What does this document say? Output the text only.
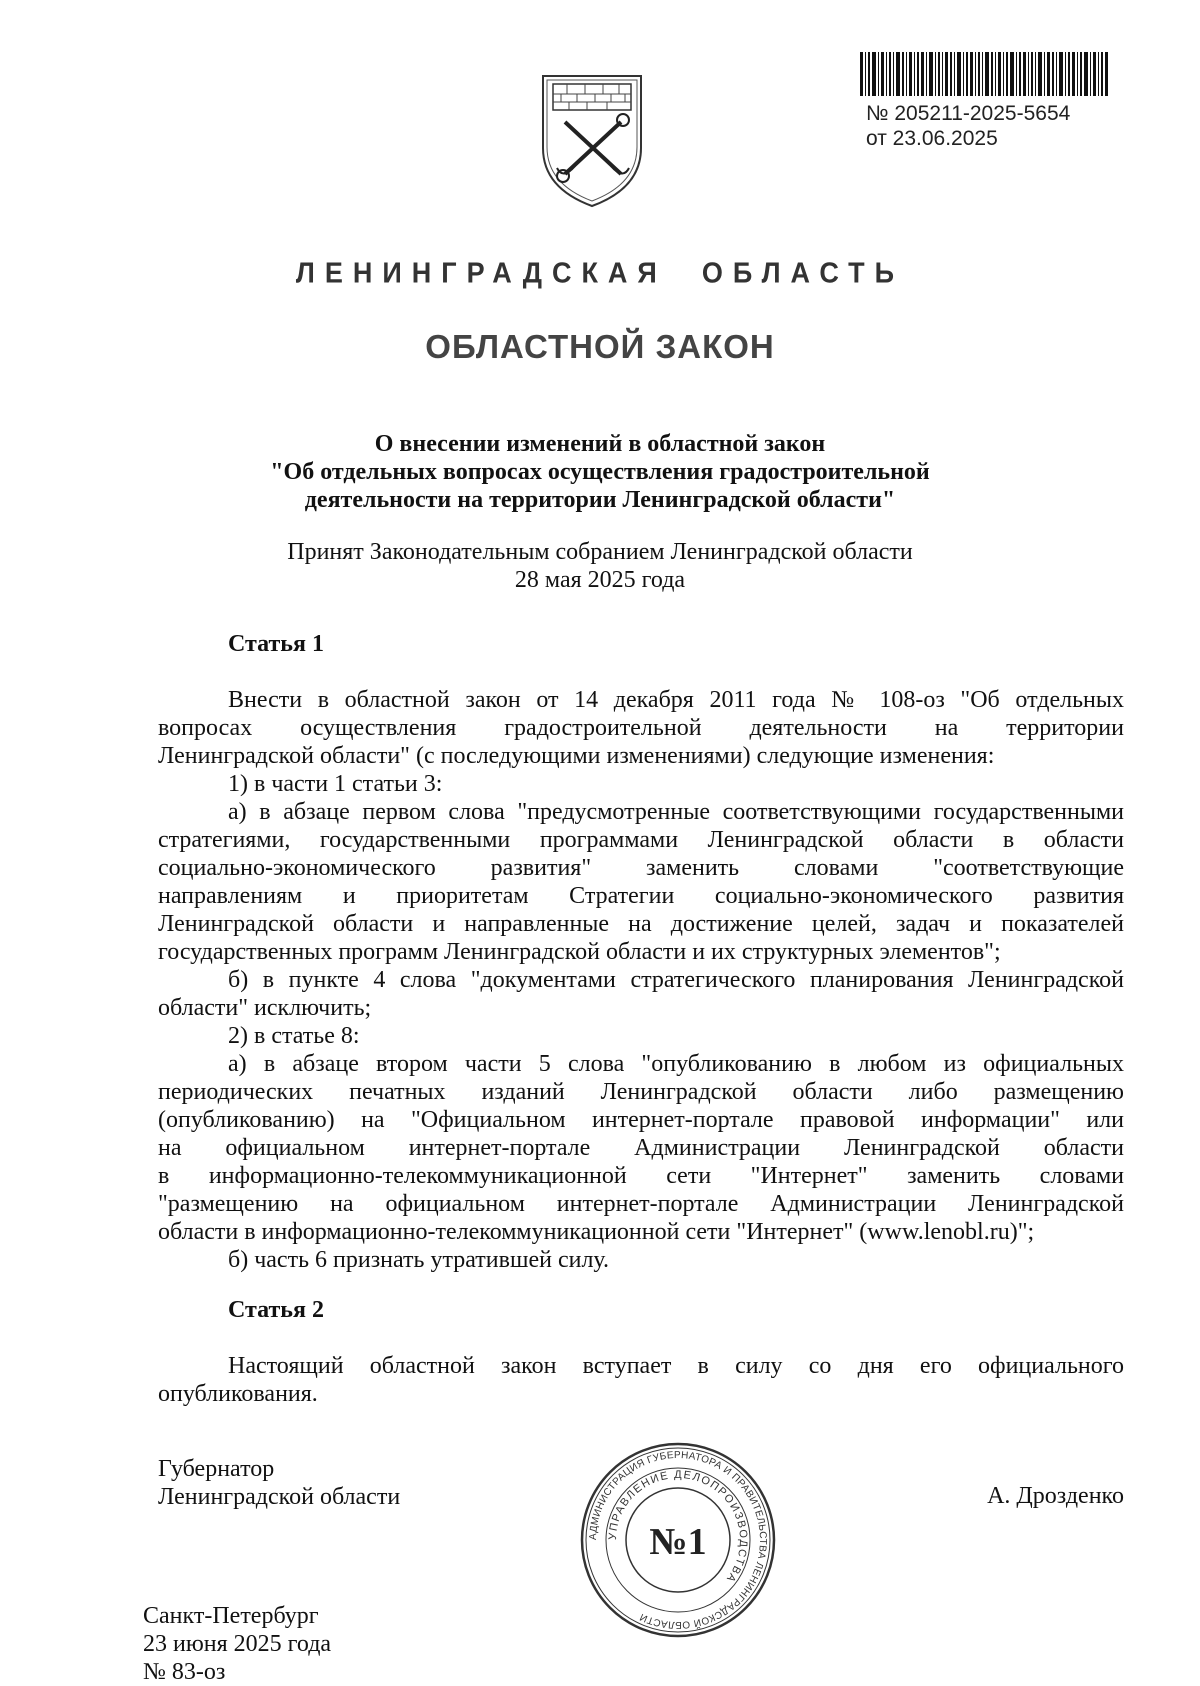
№ 205211-2025-5654
от 23.06.2025
ЛЕНИНГРАДСКАЯ  ОБЛАСТЬ
ОБЛАСТНОЙ ЗАКОН
О внесении изменений в областной закон
"Об отдельных вопросах осуществления градостроительной
деятельности на территории Ленинградской области"
Принят Законодательным собранием Ленинградской области
28 мая 2025 года
Статья 1
Внести в областной закон от 14 декабря 2011 года № 108-оз "Об отдельных
вопросах осуществления градостроительной деятельности на территории
Ленинградской области" (с последующими изменениями) следующие изменения:
1) в части 1 статьи 3:
а) в абзаце первом слова "предусмотренные соответствующими государственными
стратегиями, государственными программами Ленинградской области в области
социально-экономического развития" заменить словами "соответствующие
направлениям и приоритетам Стратегии социально-экономического развития
Ленинградской области и направленные на достижение целей, задач и показателей
государственных программ Ленинградской области и их структурных элементов";
б) в пункте 4 слова "документами стратегического планирования Ленинградской
области" исключить;
2) в статье 8:
а) в абзаце втором части 5 слова "опубликованию в любом из официальных
периодических печатных изданий Ленинградской области либо размещению
(опубликованию) на "Официальном интернет-портале правовой информации" или
на официальном интернет-портале Администрации Ленинградской области
в информационно-телекоммуникационной сети "Интернет" заменить словами
"размещению на официальном интернет-портале Администрации Ленинградской
области в информационно-телекоммуникационной сети "Интернет" (www.lenobl.ru)";
б) часть 6 признать утратившей силу.
Статья 2
Настоящий областной закон вступает в силу со дня его официального
опубликования.
Губернатор
Ленинградской области	А. Дрозденко
АДМИНИСТРАЦИЯ ГУБЕРНАТОРА И ПРАВИТЕЛЬСТВА ЛЕНИНГРАДСКОЙ ОБЛАСТИ
УПРАВЛЕНИЕ ДЕЛОПРОИЗВОДСТВА
№1
Санкт-Петербург
23 июня 2025 года
№ 83-оз
